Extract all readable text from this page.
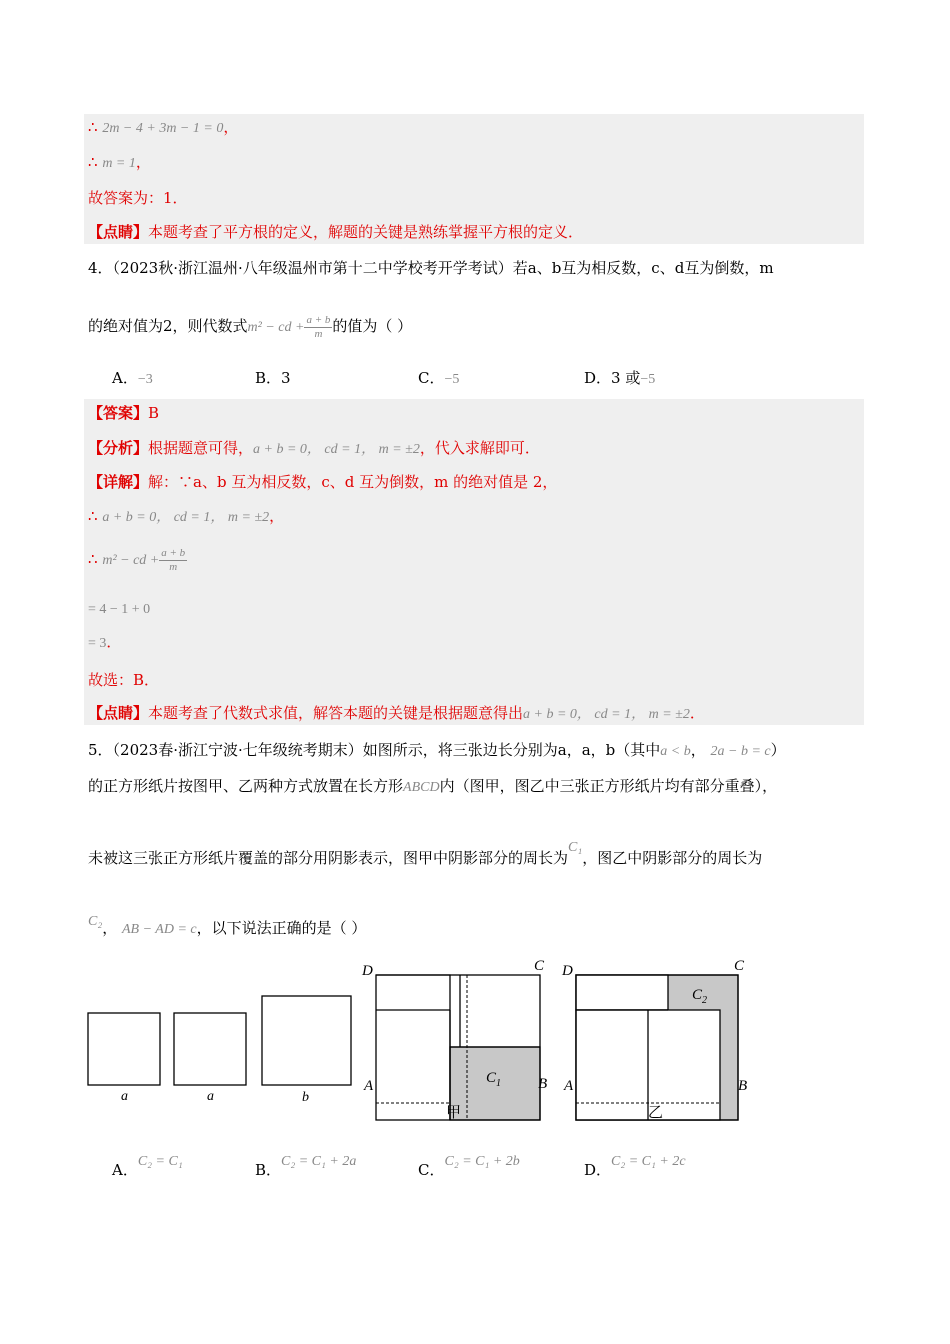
∴ 2m − 4 + 3m − 1 = 0，
∴ m = 1，
故答案为：1．
【点睛】本题考查了平方根的定义，解题的关键是熟练掌握平方根的定义．
4．（2023秋·浙江温州·八年级温州市第十二中学校考开学考试）若a、b互为相反数，c、d互为倒数，m
的绝对值为2，则代数式m² − cd + $\frac{a + b}{m}$ 的值为（ ）
A．−3	B．3	C．−5	D．3 或−5
【答案】B
【分析】根据题意可得，a + b = 0， cd = 1， m = ±2，代入求解即可．
【详解】解：∵a、b 互为相反数，c、d 互为倒数，m 的绝对值是 2，
∴ a + b = 0， cd = 1， m = ±2，
∴ m² − cd + $\frac{a + b}{m}$
= 4 − 1 + 0
= 3．
故选：B．
【点睛】本题考查了代数式求值，解答本题的关键是根据题意得出a + b = 0， cd = 1， m = ±2．
5．（2023春·浙江宁波·七年级统考期末）如图所示，将三张边长分别为a，a，b（其中a < b， 2a − b = c）
的正方形纸片按图甲、乙两种方式放置在长方形ABCD内（图甲，图乙中三张正方形纸片均有部分重叠），
未被这三张正方形纸片覆盖的部分用阴影表示，图甲中阴影部分的周长为C₁，图乙中阴影部分的周长为
C₂， AB − AD = c，以下说法正确的是（ ）
a	a	b
D	C
A	B
$C_1$
甲
D	C
A	B
$C_2$
乙
A．C₂ = C₁	B．C₂ = C₁ + 2a	C．C₂ = C₁ + 2b	D．C₂ = C₁ + 2c
